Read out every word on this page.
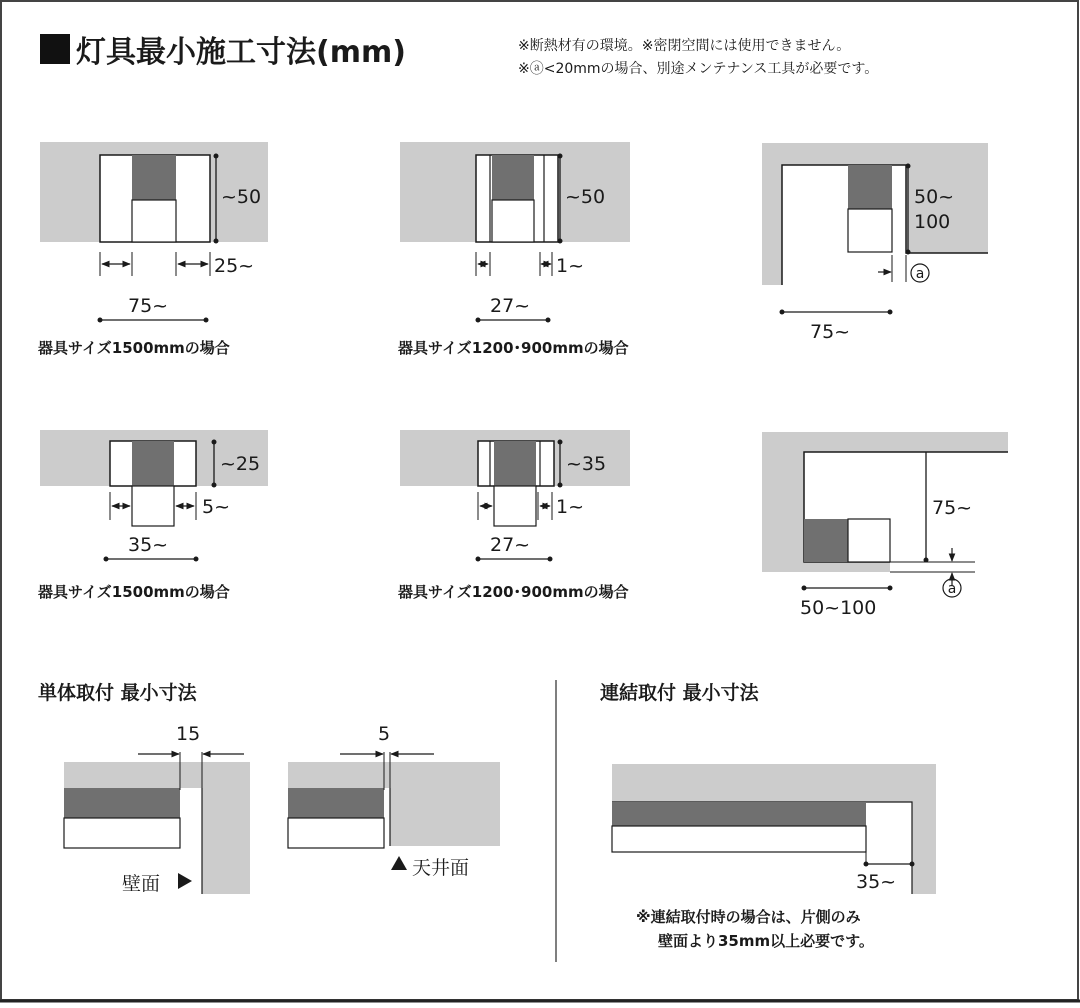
灯具最小施工寸法(mm)	※断熱材有の環境。※密閉空間には使用できません。
※ⓐ<20mmの場合、別途メンテナンス工具が必要です。
~50
25~
75~
器具サイズ1500mmの場合
~50
1~
27~
器具サイズ1200･900mmの場合
50~
100
a
75~
~25
5~
35~
器具サイズ1500mmの場合
~35
1~
27~
器具サイズ1200･900mmの場合
75~
a
50~100
単体取付 最小寸法
15
壁面
5
天井面
連結取付 最小寸法
35~
※連結取付時の場合は、片側のみ
壁面より35mm以上必要です。
